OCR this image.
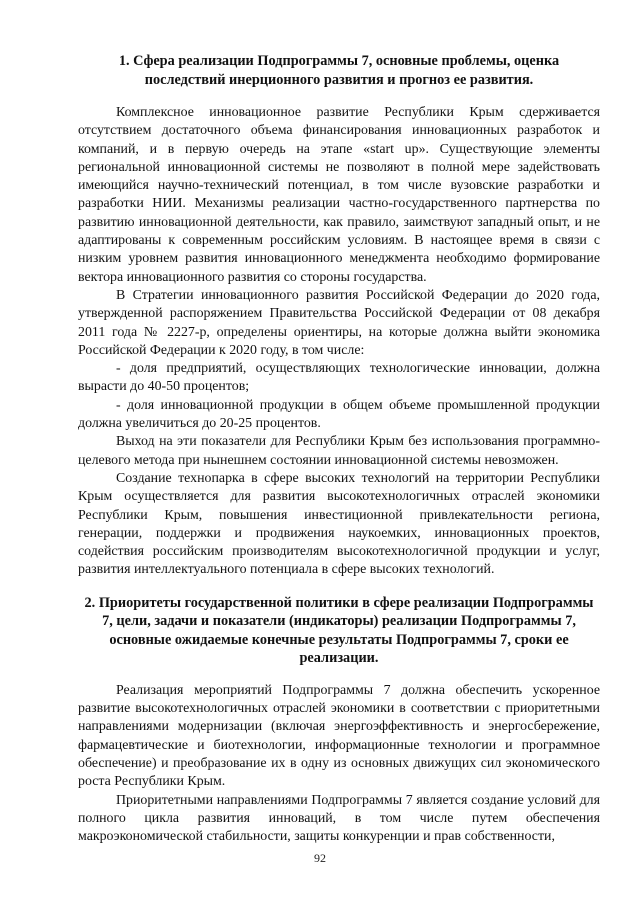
1. Сфера реализации Подпрограммы 7, основные проблемы, оценка последствий инерционного развития и прогноз ее развития.

Комплексное инновационное развитие Республики Крым сдерживается отсутствием достаточного объема финансирования инновационных разработок и компаний, и в первую очередь на этапе «start up». Существующие элементы региональной инновационной системы не позволяют в полной мере задействовать имеющийся научно-технический потенциал, в том числе вузовские разработки и разработки НИИ. Механизмы реализации частно-государственного партнерства по развитию инновационной деятельности, как правило, заимствуют западный опыт, и не адаптированы к современным российским условиям. В настоящее время в связи с низким уровнем развития инновационного менеджмента необходимо формирование вектора инновационного развития со стороны государства.

В Стратегии инновационного развития Российской Федерации до 2020 года, утвержденной распоряжением Правительства Российской Федерации от 08 декабря 2011 года № 2227-р, определены ориентиры, на которые должна выйти экономика Российской Федерации к 2020 году, в том числе:

- доля предприятий, осуществляющих технологические инновации, должна вырасти до 40-50 процентов;

- доля инновационной продукции в общем объеме промышленной продукции должна увеличиться до 20-25 процентов.

Выход на эти показатели для Республики Крым без использования программно-целевого метода при нынешнем состоянии инновационной системы невозможен.

Создание технопарка в сфере высоких технологий на территории Республики Крым осуществляется для развития высокотехнологичных отраслей экономики Республики Крым, повышения инвестиционной привлекательности региона, генерации, поддержки и продвижения наукоемких, инновационных проектов, содействия российским производителям высокотехнологичной продукции и услуг, развития интеллектуального потенциала в сфере высоких технологий.

2. Приоритеты государственной политики в сфере реализации Подпрограммы 7, цели, задачи и показатели (индикаторы) реализации Подпрограммы 7, основные ожидаемые конечные результаты Подпрограммы 7, сроки ее реализации.

Реализация мероприятий Подпрограммы 7 должна обеспечить ускоренное развитие высокотехнологичных отраслей экономики в соответствии с приоритетными направлениями модернизации (включая энергоэффективность и энергосбережение, фармацевтические и биотехнологии, информационные технологии и программное обеспечение) и преобразование их в одну из основных движущих сил экономического роста Республики Крым.

Приоритетными направлениями Подпрограммы 7 является создание условий для полного цикла развития инноваций, в том числе путем обеспечения макроэкономической стабильности, защиты конкуренции и прав собственности,

92
